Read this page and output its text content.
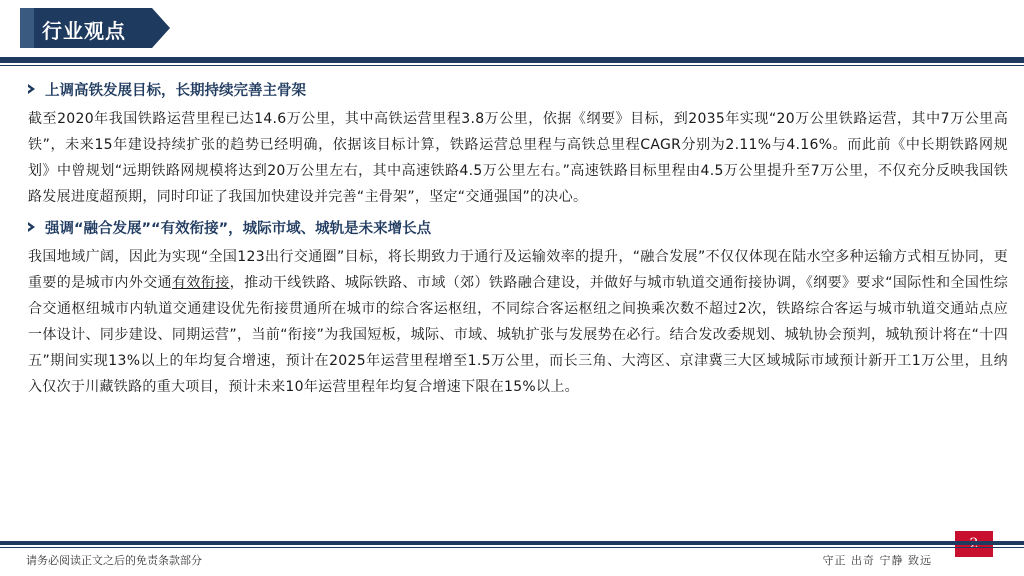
行业观点
上调高铁发展目标，长期持续完善主骨架

截至2020年我国铁路运营里程已达14.6万公里，其中高铁运营里程3.8万公里，依据《纲要》目标，到2035年实现“20万公里铁路运营，其中7万公里高铁”，未来15年建设持续扩张的趋势已经明确，依据该目标计算，铁路运营总里程与高铁总里程CAGR分别为2.11%与4.16%。而此前《中长期铁路网规划》中曾规划“远期铁路网规模将达到20万公里左右，其中高速铁路4.5万公里左右。”高速铁路目标里程由4.5万公里提升至7万公里，不仅充分反映我国铁路发展进度超预期，同时印证了我国加快建设并完善“主骨架”，坚定“交通强国”的决心。

强调“融合发展”“有效衔接”，城际市域、城轨是未来增长点

我国地域广阔，因此为实现“全国123出行交通圈”目标，将长期致力于通行及运输效率的提升，“融合发展”不仅仅体现在陆水空多种运输方式相互协同，更重要的是城市内外交通有效衔接，推动干线铁路、城际铁路、市域（郊）铁路融合建设，并做好与城市轨道交通衔接协调，《纲要》要求“国际性和全国性综合交通枢纽城市内轨道交通建设优先衔接贯通所在城市的综合客运枢纽，不同综合客运枢纽之间换乘次数不超过2次，铁路综合客运与城市轨道交通站点应一体设计、同步建设、同期运营”，当前“衔接”为我国短板，城际、市域、城轨扩张与发展势在必行。结合发改委规划、城轨协会预判，城轨预计将在“十四五”期间实现13%以上的年均复合增速，预计在2025年运营里程增至1.5万公里，而长三角、大湾区、京津冀三大区域城际市域预计新开工1万公里，且纳入仅次于川藏铁路的重大项目，预计未来10年运营里程年均复合增速下限在15%以上。

请务必阅读正文之后的免责条款部分	守正 出奇 宁静 致远
